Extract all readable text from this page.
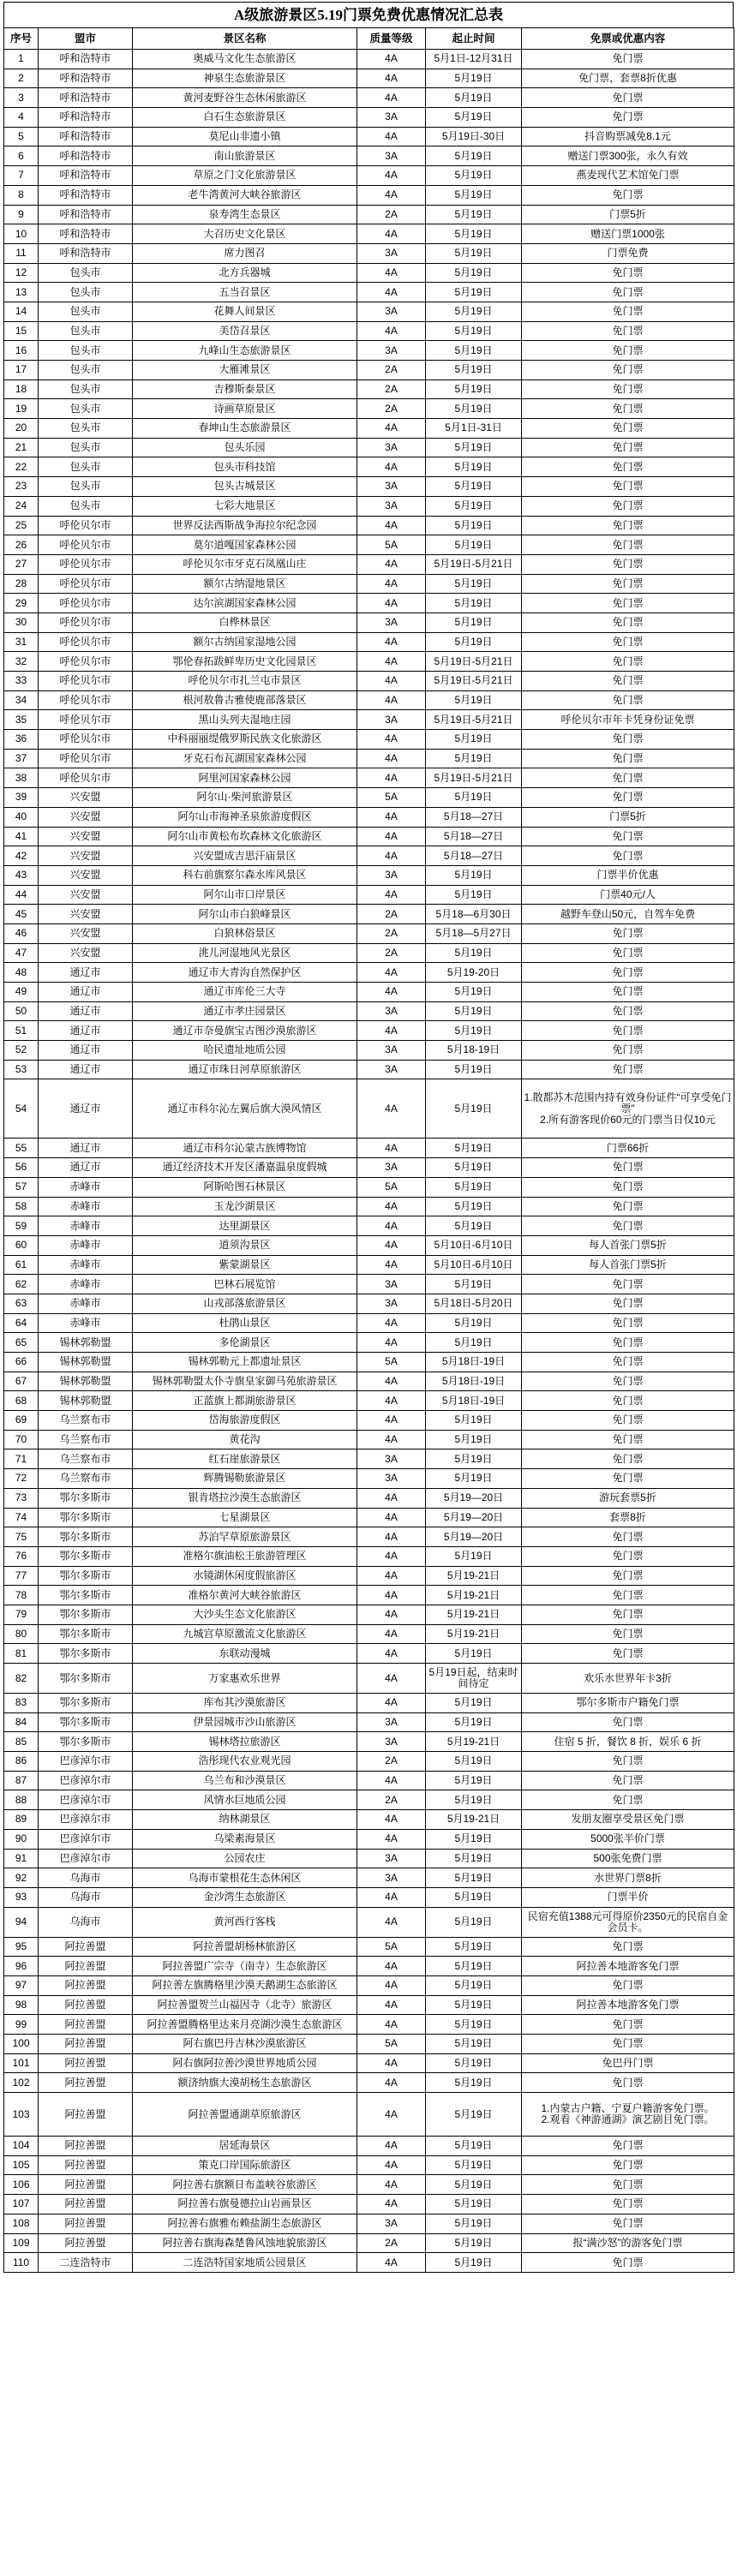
A级旅游景区5.19门票免费优惠情况汇总表
序号	盟市	景区名称	质量等级	起止时间	免票或优惠内容
1	呼和浩特市	奥威马文化生态旅游区	4A	5月1日-12月31日	免门票
2	呼和浩特市	神泉生态旅游景区	4A	5月19日	免门票，套票8折优惠
3	呼和浩特市	黄河麦野谷生态休闲旅游区	4A	5月19日	免门票
4	呼和浩特市	白石生态旅游景区	3A	5月19日	免门票
5	呼和浩特市	莫尼山非遗小镇	4A	5月19日-30日	抖音购票减免8.1元
6	呼和浩特市	南山旅游景区	3A	5月19日	赠送门票300张，永久有效
7	呼和浩特市	草原之门文化旅游景区	4A	5月19日	燕麦现代艺术馆免门票
8	呼和浩特市	老牛湾黄河大峡谷旅游区	4A	5月19日	免门票
9	呼和浩特市	泉寿湾生态景区	2A	5月19日	门票5折
10	呼和浩特市	大召历史文化景区	4A	5月19日	赠送门票1000张
11	呼和浩特市	席力图召	3A	5月19日	门票免费
12	包头市	北方兵器城	4A	5月19日	免门票
13	包头市	五当召景区	4A	5月19日	免门票
14	包头市	花舞人间景区	3A	5月19日	免门票
15	包头市	美岱召景区	4A	5月19日	免门票
16	包头市	九峰山生态旅游景区	3A	5月19日	免门票
17	包头市	大雁滩景区	2A	5月19日	免门票
18	包头市	吉穆斯泰景区	2A	5月19日	免门票
19	包头市	诗画草原景区	2A	5月19日	免门票
20	包头市	春坤山生态旅游景区	4A	5月1日-31日	免门票
21	包头市	包头乐园	3A	5月19日	免门票
22	包头市	包头市科技馆	4A	5月19日	免门票
23	包头市	包头古城景区	3A	5月19日	免门票
24	包头市	七彩大地景区	3A	5月19日	免门票
25	呼伦贝尔市	世界反法西斯战争海拉尔纪念园	4A	5月19日	免门票
26	呼伦贝尔市	莫尔道嘎国家森林公园	5A	5月19日	免门票
27	呼伦贝尔市	呼伦贝尔市牙克石凤凰山庄	4A	5月19日-5月21日	免门票
28	呼伦贝尔市	额尔古纳湿地景区	4A	5月19日	免门票
29	呼伦贝尔市	达尔滨湖国家森林公园	4A	5月19日	免门票
30	呼伦贝尔市	白桦林景区	3A	5月19日	免门票
31	呼伦贝尔市	额尔古纳国家湿地公园	4A	5月19日	免门票
32	呼伦贝尔市	鄂伦春拓跋鲜卑历史文化园景区	4A	5月19日-5月21日	免门票
33	呼伦贝尔市	呼伦贝尔市扎兰屯市景区	4A	5月19日-5月21日	免门票
34	呼伦贝尔市	根河敖鲁古雅使鹿部落景区	4A	5月19日	免门票
35	呼伦贝尔市	黑山头列夫湿地庄园	3A	5月19日-5月21日	呼伦贝尔市年卡凭身份证免票
36	呼伦贝尔市	中科丽丽缇俄罗斯民族文化旅游区	4A	5月19日	免门票
37	呼伦贝尔市	牙克石布瓦湖国家森林公园	4A	5月19日	免门票
38	呼伦贝尔市	阿里河国家森林公园	4A	5月19日-5月21日	免门票
39	兴安盟	阿尔山·柴河旅游景区	5A	5月19日	免门票
40	兴安盟	阿尔山市海神圣泉旅游度假区	4A	5月18—27日	门票5折
41	兴安盟	阿尔山市黄松布坎森林文化旅游区	4A	5月18—27日	免门票
42	兴安盟	兴安盟成吉思汗庙景区	4A	5月18—27日	免门票
43	兴安盟	科右前旗察尔森水库风景区	3A	5月19日	门票半价优惠
44	兴安盟	阿尔山市口岸景区	4A	5月19日	门票40元/人
45	兴安盟	阿尔山市白狼峰景区	2A	5月18—6月30日	越野车登山50元，自驾车免费
46	兴安盟	白狼林俗景区	2A	5月18—5月27日	免门票
47	兴安盟	洮儿河湿地风光景区	2A	5月19日	免门票
48	通辽市	通辽市大青沟自然保护区	4A	5月19-20日	免门票
49	通辽市	通辽市库伦三大寺	4A	5月19日	免门票
50	通辽市	通辽市孝庄园景区	3A	5月19日	免门票
51	通辽市	通辽市奈曼旗宝古图沙漠旅游区	4A	5月19日	免门票
52	通辽市	哈民遗址地质公园	3A	5月18-19日	免门票
53	通辽市	通辽市珠日河草原旅游区	3A	5月19日	免门票
54	通辽市	通辽市科尔沁左翼后旗大漠风情区	4A	5月19日	1.散都苏木范围内持有效身份证件“可享受免门票”
2.所有游客现价60元的门票当日仅10元
55	通辽市	通辽市科尔沁蒙古族博物馆	4A	5月19日	门票66折
56	通辽市	通辽经济技术开发区潘嘉温泉度假城	3A	5月19日	免门票
57	赤峰市	阿斯哈图石林景区	5A	5月19日	免门票
58	赤峰市	玉龙沙湖景区	4A	5月19日	免门票
59	赤峰市	达里湖景区	4A	5月19日	免门票
60	赤峰市	道须沟景区	4A	5月10日-6月10日	每人首张门票5折
61	赤峰市	紫蒙湖景区	4A	5月10日-6月10日	每人首张门票5折
62	赤峰市	巴林石展览馆	3A	5月19日	免门票
63	赤峰市	山戎部落旅游景区	3A	5月18日-5月20日	免门票
64	赤峰市	杜鹃山景区	4A	5月19日	免门票
65	锡林郭勒盟	多伦湖景区	4A	5月19日	免门票
66	锡林郭勒盟	锡林郭勒元上都遗址景区	5A	5月18日-19日	免门票
67	锡林郭勒盟	锡林郭勒盟太仆寺旗皇家御马苑旅游景区	4A	5月18日-19日	免门票
68	锡林郭勒盟	正蓝旗上都湖旅游景区	4A	5月18日-19日	免门票
69	乌兰察布市	岱海旅游度假区	4A	5月19日	免门票
70	乌兰察布市	黄花沟	4A	5月19日	免门票
71	乌兰察布市	红石崖旅游景区	3A	5月19日	免门票
72	乌兰察布市	辉腾锡勒旅游景区	3A	5月19日	免门票
73	鄂尔多斯市	银肯塔拉沙漠生态旅游区	4A	5月19—20日	游玩套票5折
74	鄂尔多斯市	七星湖景区	4A	5月19—20日	套票8折
75	鄂尔多斯市	苏泊罕草原旅游景区	4A	5月19—20日	免门票
76	鄂尔多斯市	准格尔旗油松王旅游管理区	4A	5月19日	免门票
77	鄂尔多斯市	水镜湖休闲度假旅游区	4A	5月19-21日	免门票
78	鄂尔多斯市	准格尔黄河大峡谷旅游区	4A	5月19-21日	免门票
79	鄂尔多斯市	大沙头生态文化旅游区	4A	5月19-21日	免门票
80	鄂尔多斯市	九城宫草原激流文化旅游区	4A	5月19-21日	免门票
81	鄂尔多斯市	东联动漫城	4A	5月19日	免门票
82	鄂尔多斯市	万家惠欢乐世界	4A	5月19日起，结束时间待定	欢乐水世界年卡3折
83	鄂尔多斯市	库布其沙漠旅游区	4A	5月19日	鄂尔多斯市户籍免门票
84	鄂尔多斯市	伊景园城市沙山旅游区	3A	5月19日	免门票
85	鄂尔多斯市	锡林塔拉旅游区	3A	5月19-21日	住宿 5 折，餐饮 8 折，娱乐 6 折
86	巴彦淖尔市	浩彤现代农业观光园	2A	5月19日	免门票
87	巴彦淖尔市	乌兰布和沙漠景区	4A	5月19日	免门票
88	巴彦淖尔市	风情水巨地质公园	2A	5月19日	免门票
89	巴彦淖尔市	纳林湖景区	4A	5月19-21日	发朋友圈享受景区免门票
90	巴彦淖尔市	乌梁素海景区	4A	5月19日	5000张半价门票
91	巴彦淖尔市	公园农庄	3A	5月19日	500张免费门票
92	乌海市	乌海市蒙根花生态休闲区	3A	5月19日	水世界门票8折
93	乌海市	金沙湾生态旅游区	4A	5月19日	门票半价
94	乌海市	黄河西行客栈	4A	5月19日	民宿充值1388元可得原价2350元的民宿自金会员卡。
95	阿拉善盟	阿拉善盟胡杨林旅游区	5A	5月19日	免门票
96	阿拉善盟	阿拉善盟广宗寺（南寺）生态旅游区	4A	5月19日	阿拉善本地游客免门票
97	阿拉善盟	阿拉善左旗腾格里沙漠天鹅湖生态旅游区	4A	5月19日	免门票
98	阿拉善盟	阿拉善盟贺兰山福因寺（北寺）旅游区	4A	5月19日	阿拉善本地游客免门票
99	阿拉善盟	阿拉善盟腾格里达来月亮湖沙漠生态旅游区	4A	5月19日	免门票
100	阿拉善盟	阿右旗巴丹吉林沙漠旅游区	5A	5月19日	免门票
101	阿拉善盟	阿右旗阿拉善沙漠世界地质公园	4A	5月19日	免巴丹门票
102	阿拉善盟	额济纳旗大漠胡杨生态旅游区	4A	5月19日	免门票
103	阿拉善盟	阿拉善盟通湖草原旅游区	4A	5月19日	1.内蒙古户籍、宁夏户籍游客免门票。
2.观看《神游通湖》演艺剧目免门票。
104	阿拉善盟	居延海景区	4A	5月19日	免门票
105	阿拉善盟	策克口岸国际旅游区	4A	5月19日	免门票
106	阿拉善盟	阿拉善右旗额日布盖峡谷旅游区	4A	5月19日	免门票
107	阿拉善盟	阿拉善右旗曼德拉山岩画景区	4A	5月19日	免门票
108	阿拉善盟	阿拉善右旗雅布赖盐湖生态旅游区	3A	5月19日	免门票
109	阿拉善盟	阿拉善右旗海森楚鲁风蚀地貌旅游区	2A	5月19日	报“满沙怒”的游客免门票
110	二连浩特市	二连浩特国家地质公园景区	4A	5月19日	免门票
